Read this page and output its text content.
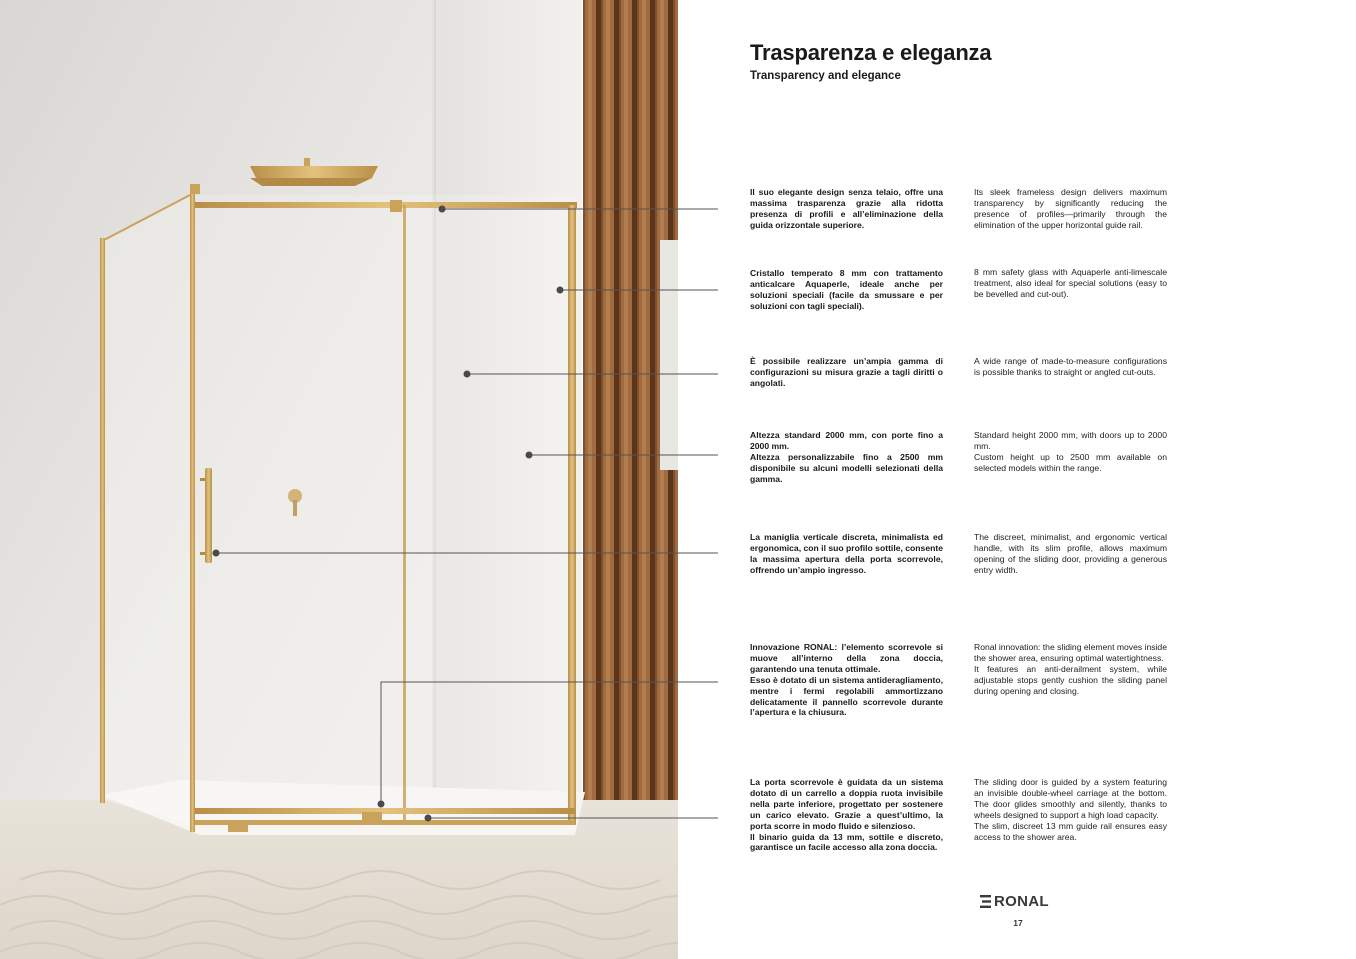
Trasparenza e eleganza
Transparency and elegance
Il suo elegante design senza telaio, offre una massima trasparenza grazie alla ridotta presenza di profili e all’eliminazione della guida orizzontale superiore.
Cristallo temperato 8 mm con trattamento anticalcare Aquaperle, ideale anche per soluzioni speciali (facile da smussare e per soluzioni con tagli speciali).
È possibile realizzare un’ampia gamma di configurazioni su misura grazie a tagli diritti o angolati.
Altezza standard 2000 mm, con porte fino a 2000 mm.
Altezza personalizzabile fino a 2500 mm disponibile su alcuni modelli selezionati della gamma.
La maniglia verticale discreta, minimalista ed ergonomica, con il suo profilo sottile, consente la massima apertura della porta scorrevole, offrendo un’ampio ingresso.
Innovazione RONAL: l’elemento scorrevole si muove all’interno della zona doccia, garantendo una tenuta ottimale.
Esso è dotato di un sistema antideragliamento, mentre i fermi regolabili ammortizzano delicatamente il pannello scorrevole durante l’apertura e la chiusura.
La porta scorrevole è guidata da un sistema dotato di un carrello a doppia ruota invisibile nella parte inferiore, progettato per sostenere un carico elevato. Grazie a quest’ultimo, la porta scorre in modo fluido e silenzioso.
Il binario guida da 13 mm, sottile e discreto, garantisce un facile accesso alla zona doccia.
Its sleek frameless design delivers maximum transparency by significantly reducing the presence of profiles—primarily through the elimination of the upper horizontal guide rail.
8 mm safety glass with Aquaperle anti-limescale treatment, also ideal for special solutions (easy to be bevelled and cut-out).
A wide range of made-to-measure configurations is possible thanks to straight or angled cut-outs.
Standard height 2000 mm, with doors up to 2000 mm.
Custom height up to 2500 mm available on selected models within the range.
The discreet, minimalist, and ergonomic vertical handle, with its slim profile, allows maximum opening of the sliding door, providing a generous entry width.
Ronal innovation: the sliding element moves inside the shower area, ensuring optimal watertightness.
It features an anti-derailment system, while adjustable stops gently cushion the sliding panel during opening and closing.
The sliding door is guided by a system featuring an invisible double-wheel carriage at the bottom. The door glides smoothly and silently, thanks to wheels designed to support a high load capacity.
The slim, discreet 13 mm guide rail ensures easy access to the shower area.
RONAL
17
